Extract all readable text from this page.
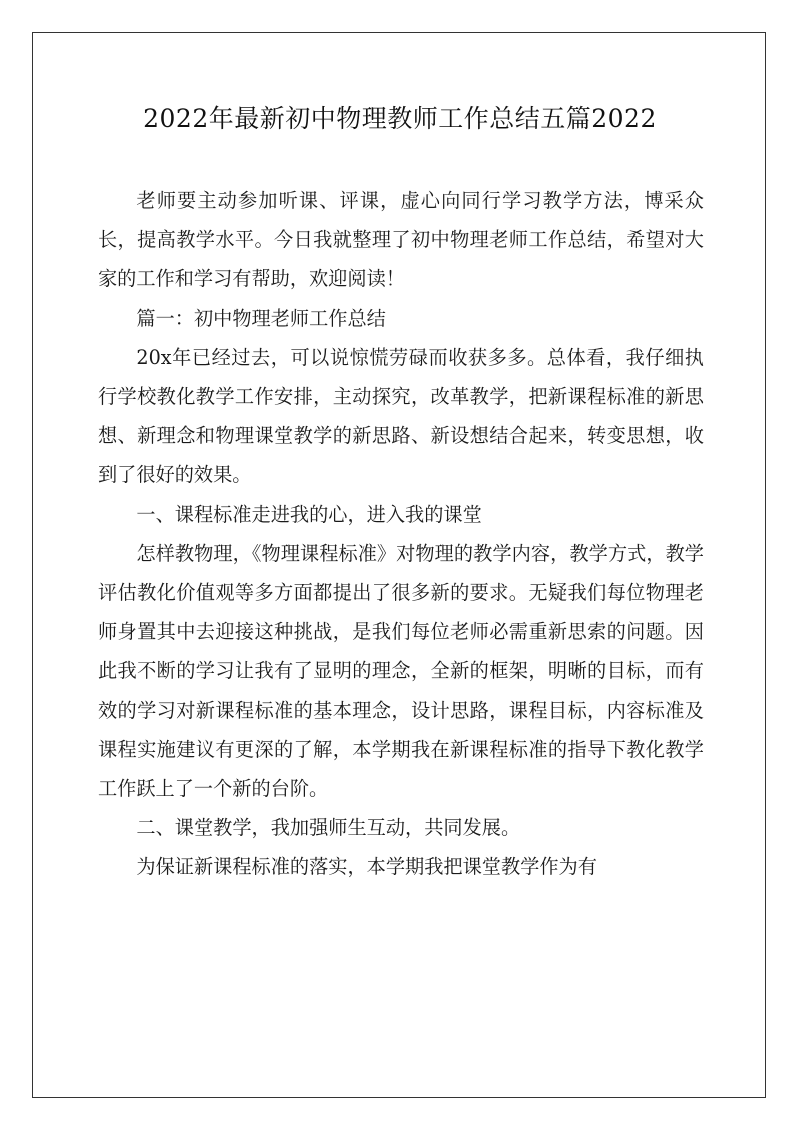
2022年最新初中物理教师工作总结五篇2022

老师要主动参加听课、评课，虚心向同行学习教学方法，博采众长，提高教学水平。今日我就整理了初中物理老师工作总结，希望对大家的工作和学习有帮助，欢迎阅读！

篇一：初中物理老师工作总结

20x年已经过去，可以说惊慌劳碌而收获多多。总体看，我仔细执行学校教化教学工作安排，主动探究，改革教学，把新课程标准的新思想、新理念和物理课堂教学的新思路、新设想结合起来，转变思想，收到了很好的效果。

一、课程标准走进我的心，进入我的课堂

怎样教物理，《物理课程标准》对物理的教学内容，教学方式，教学评估教化价值观等多方面都提出了很多新的要求。无疑我们每位物理老师身置其中去迎接这种挑战，是我们每位老师必需重新思索的问题。因此我不断的学习让我有了显明的理念，全新的框架，明晰的目标，而有效的学习对新课程标准的基本理念，设计思路，课程目标，内容标准及课程实施建议有更深的了解，本学期我在新课程标准的指导下教化教学工作跃上了一个新的台阶。

二、课堂教学，我加强师生互动，共同发展。

为保证新课程标准的落实，本学期我把课堂教学作为有
